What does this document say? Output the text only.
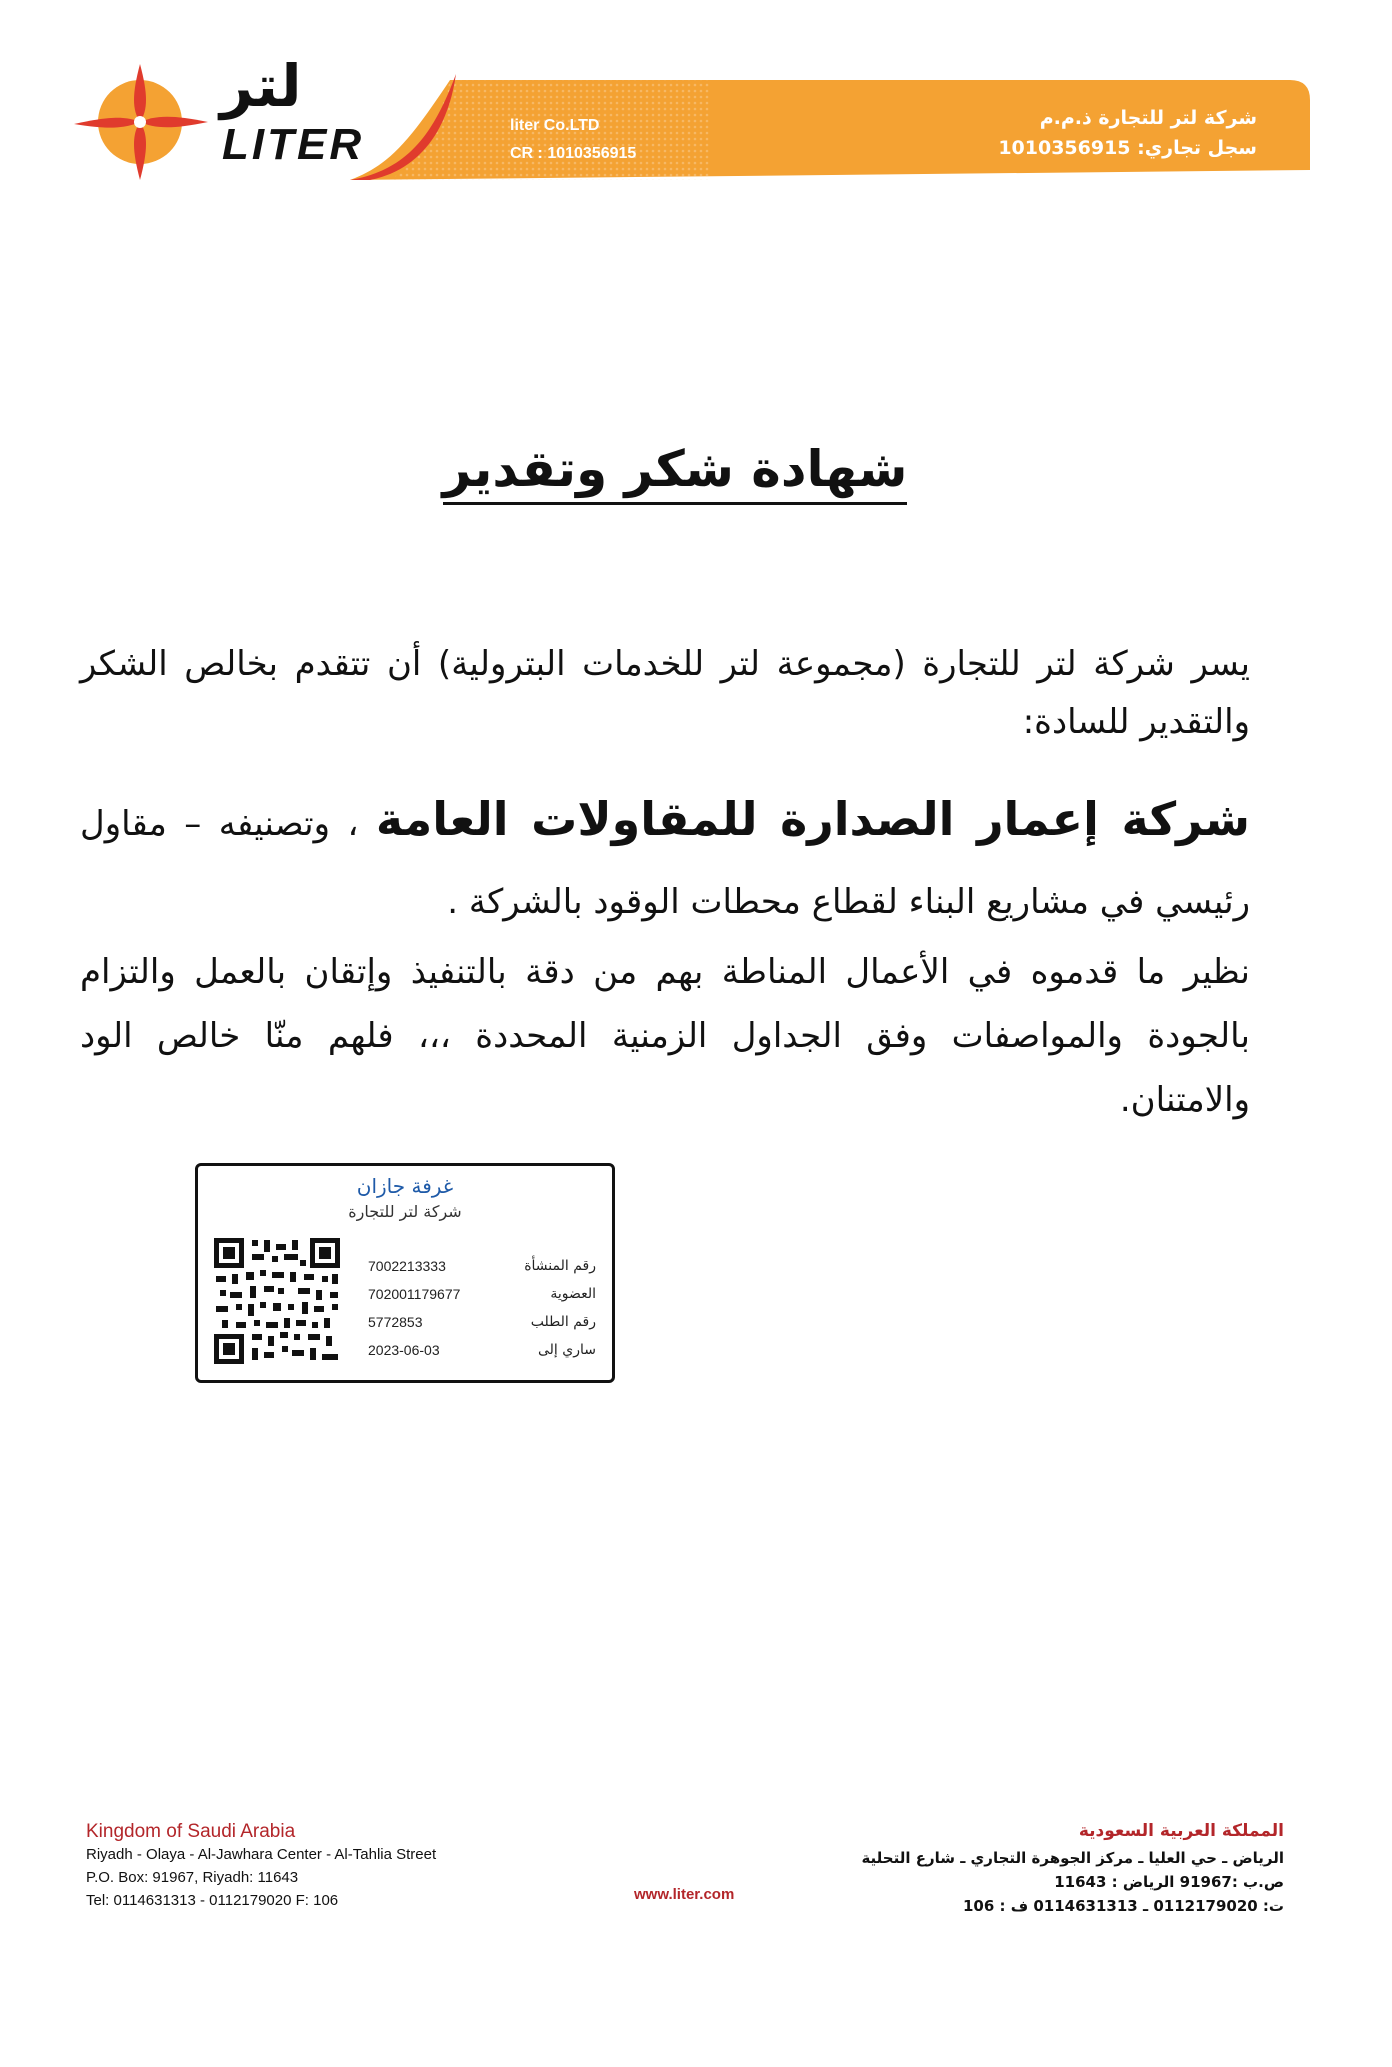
لتر
LITER	liter Co.LTD
CR : 1010356915
شركة لتر للتجارة ذ.م.م
سجل تجاري: 1010356915
شهادة شكر وتقدير
يسر شركة لتر للتجارة (مجموعة لتر للخدمات البترولية) أن تتقدم بخالص الشكر والتقدير للسادة:
شركة إعمار الصدارة للمقاولات العامة ، وتصنيفه – مقاول رئيسي في مشاريع البناء لقطاع محطات الوقود بالشركة .
نظير ما قدموه في الأعمال المناطة بهم من دقة بالتنفيذ وإتقان بالعمل والتزام بالجودة والمواصفات وفق الجداول الزمنية المحددة ،،، فلهم منّا خالص الود والامتنان.
غرفة جازان
شركة لتر للتجارة
رقم المنشأة
7002213333
العضوية
702001179677
رقم الطلب
5772853
ساري إلى
2023-06-03
Kingdom of Saudi Arabia
Riyadh - Olaya - Al-Jawhara Center - Al-Tahlia Street
P.O. Box: 91967, Riyadh: 11643
Tel: 0114631313 - 0112179020 F: 106	www.liter.com
المملكة العربية السعودية
الرياض ـ حي العليا ـ مركز الجوهرة التجاري ـ شارع التحلية
ص.ب :91967 الرياض : 11643
ت: 0112179020 ـ 0114631313 ف : 106
